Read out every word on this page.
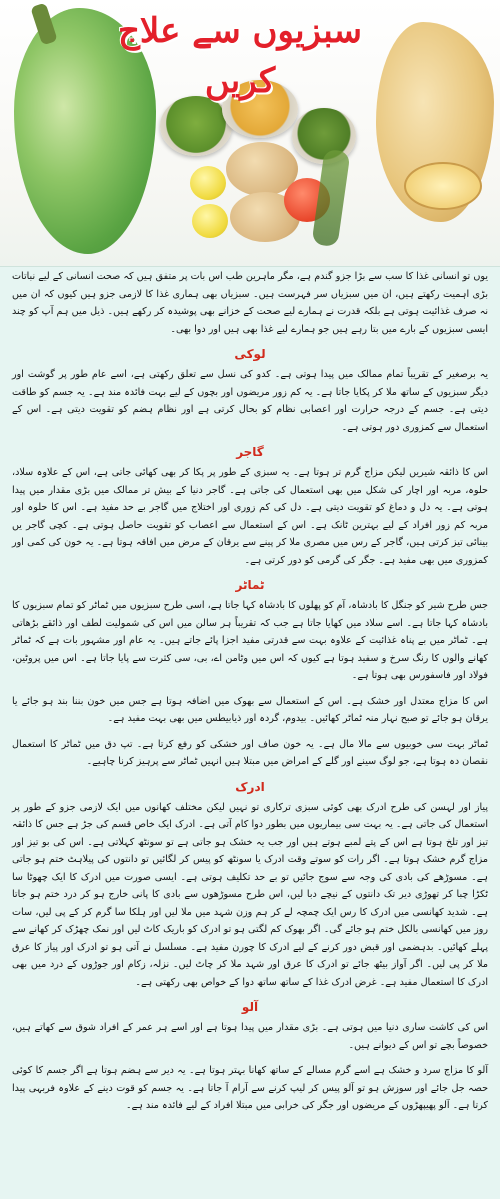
سبزیوں سے علاج کریں

یوں تو انسانی غذا کا سب سے بڑا جزو گندم ہے، مگر ماہرین طب اس بات پر متفق ہیں کہ صحت انسانی کے لیے نباتات بڑی اہمیت رکھتے ہیں، ان میں سبزیاں سر فہرست ہیں۔ سبزیاں بھی ہماری غذا کا لازمی جزو ہیں کیوں کہ ان میں نہ صرف غذائیت ہوتی ہے بلکہ قدرت نے ہمارے لیے صحت کے خزانے بھی پوشیدہ کر رکھے ہیں۔ ذیل میں ہم آپ کو چند ایسی سبزیوں کے بارے میں بتا رہے ہیں جو ہمارے لیے غذا بھی ہیں اور دوا بھی۔

لوکی

یہ برصغیر کے تقریباً تمام ممالک میں پیدا ہوتی ہے۔ کدو کی نسل سے تعلق رکھتی ہے، اسے عام طور پر گوشت اور دیگر سبزیوں کے ساتھ ملا کر پکایا جاتا ہے۔ یہ کم زور مریضوں اور بچوں کے لیے بہت فائدہ مند ہے۔ یہ جسم کو طاقت دیتی ہے۔ جسم کے درجہ حرارت اور اعصابی نظام کو بحال کرتی ہے اور نظام ہضم کو تقویت دیتی ہے۔ اس کے استعمال سے کمزوری دور ہوتی ہے۔

گاجر

اس کا ذائقہ شیریں لیکن مزاج گرم تر ہوتا ہے۔ یہ سبزی کے طور پر پکا کر بھی کھائی جاتی ہے، اس کے علاوہ سلاد، حلوہ، مربہ اور اچار کی شکل میں بھی استعمال کی جاتی ہے۔ گاجر دنیا کے بیش تر ممالک میں بڑی مقدار میں پیدا ہوتی ہے۔ یہ دل و دماغ کو تقویت دیتی ہے۔ دل کی کم زوری اور اختلاج میں گاجر بے حد مفید ہے۔ اس کا حلوہ اور مربہ کم زور افراد کے لیے بہترین ٹانک ہے۔ اس کے استعمال سے اعصاب کو تقویت حاصل ہوتی ہے۔ کچی گاجر یں بینائی تیز کرتی ہیں، گاجر کے رس میں مصری ملا کر پینے سے یرقان کے مرض میں افاقہ ہوتا ہے۔ یہ خون کی کمی اور کمزوری میں بھی مفید ہے۔ جگر کی گرمی کو دور کرتی ہے۔

ٹماٹر

جس طرح شیر کو جنگل کا بادشاہ، آم کو پھلوں کا بادشاہ کہا جاتا ہے، اسی طرح سبزیوں میں ٹماٹر کو تمام سبزیوں کا بادشاہ کہا جاتا ہے۔ اسے سلاد میں کھایا جاتا ہے جب کہ تقریباً ہر سالن میں اس کی شمولیت لطف اور ذائقے بڑھاتی ہے۔ ٹماٹر میں بے پناہ غذائیت کے علاوہ بہت سے قدرتی مفید اجزا پائے جاتے ہیں۔ یہ عام اور مشہور بات ہے کہ ٹماٹر کھانے والوں کا رنگ سرخ و سفید ہوتا ہے کیوں کہ اس میں وٹامن اے، بی، سی کثرت سے پایا جاتا ہے۔ اس میں پروٹین، فولاد اور فاسفورس بھی ہوتا ہے۔

اس کا مزاج معتدل اور خشک ہے۔ اس کے استعمال سے بھوک میں اضافہ ہوتا ہے جس میں خون بننا بند ہو جائے یا یرقان ہو جائے تو صبح نہار منہ ٹماٹر کھائیں۔ بیدوم، گردہ اور ذیابیطس میں بھی بہت مفید ہے۔

ٹماٹر بہت سی خوبیوں سے مالا مال ہے۔ یہ خون صاف اور خشکی کو رفع کرتا ہے۔ تپ دق میں ٹماٹر کا استعمال نقصان دہ ہوتا ہے، جو لوگ سینے اور گلے کے امراض میں مبتلا ہیں انہیں ٹماٹر سے پرہیز کرنا چاہیے۔

ادرک

پیاز اور لہسن کی طرح ادرک بھی کوئی سبزی ترکاری تو نہیں لیکن مختلف کھانوں میں ایک لازمی جزو کے طور پر استعمال کی جاتی ہے۔ یہ بہت سی بیماریوں میں بطور دوا کام آتی ہے۔ ادرک ایک خاص قسم کی جڑ ہے جس کا ذائقہ تیز اور تلخ ہوتا ہے اس کے پتے لمبے ہوتے ہیں اور جب یہ خشک ہو جاتی ہے تو سونٹھ کہلاتی ہے۔ اس کی بو تیز اور مزاج گرم خشک ہوتا ہے۔ اگر رات کو سوتے وقت ادرک یا سونٹھ کو پیس کر لگائیں تو دانتوں کی پیلاہٹ ختم ہو جاتی ہے۔ مسوڑھے کی بادی کی وجہ سے سوج جائیں تو بے حد تکلیف ہوتی ہے۔ ایسی صورت میں ادرک کا ایک چھوٹا سا ٹکڑا چبا کر تھوڑی دیر تک دانتوں کے نیچے دبا لیں، اس طرح مسوڑھوں سے بادی کا پانی خارج ہو کر درد ختم ہو جاتا ہے۔ شدید کھانسی میں ادرک کا رس ایک چمچہ لے کر ہم وزن شہد میں ملا لیں اور ہلکا سا گرم کر کے پی لیں، سات روز میں کھانسی بالکل ختم ہو جائے گی۔ اگر بھوک کم لگتی ہو تو ادرک کو باریک کاٹ لیں اور نمک چھڑک کر کھانے سے پہلے کھائیں۔ بدہضمی اور قبض دور کرنے کے لیے ادرک کا چورن مفید ہے۔ مسلسل نے آتی ہو تو ادرک اور پیاز کا عرق ملا کر پی لیں۔ اگر آواز بیٹھ جائے تو ادرک کا عرق اور شہد ملا کر چاٹ لیں۔ نزلہ، زکام اور جوڑوں کے درد میں بھی ادرک کا استعمال مفید ہے۔ غرض ادرک غذا کے ساتھ ساتھ دوا کے خواص بھی رکھتی ہے۔

آلو

اس کی کاشت ساری دنیا میں ہوتی ہے۔ بڑی مقدار میں پیدا ہوتا ہے اور اسے ہر عمر کے افراد شوق سے کھاتے ہیں، خصوصاً بچے تو اس کے دیوانے ہیں۔

آلو کا مزاج سرد و خشک ہے اسے گرم مسالے کے ساتھ کھانا بہتر ہوتا ہے۔ یہ دیر سے ہضم ہوتا ہے اگر جسم کا کوئی حصہ جل جائے اور سوزش ہو تو آلو پیس کر لیپ کرنے سے آرام آ جاتا ہے۔ یہ جسم کو قوت دینے کے علاوہ فربہی پیدا کرتا ہے۔ آلو پھیپھڑوں کے مریضوں اور جگر کی خرابی میں مبتلا افراد کے لیے فائدہ مند ہے۔
